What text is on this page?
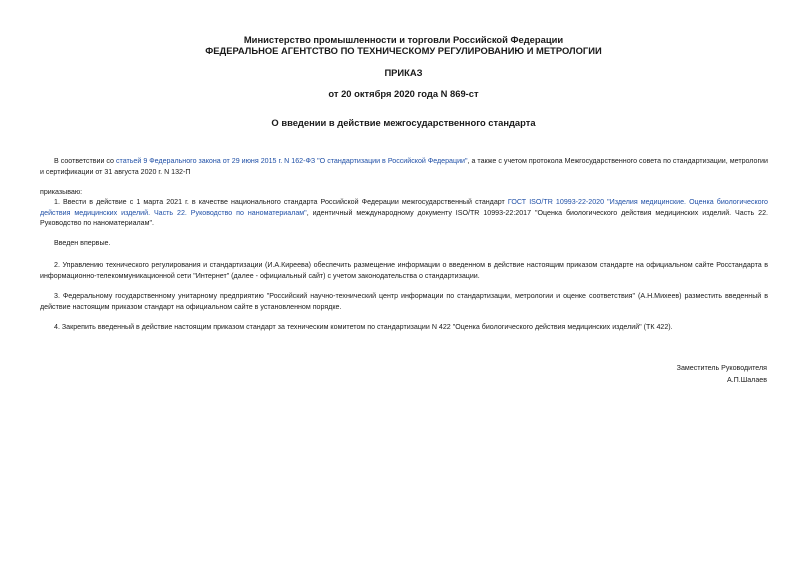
Министерство промышленности и торговли Российской Федерации
ФЕДЕРАЛЬНОЕ АГЕНТСТВО ПО ТЕХНИЧЕСКОМУ РЕГУЛИРОВАНИЮ И МЕТРОЛОГИИ
ПРИКАЗ
от 20 октября 2020 года N 869-ст
О введении в действие межгосударственного стандарта
В соответствии со статьей 9 Федерального закона от 29 июня 2015 г. N 162-ФЗ "О стандартизации в Российской Федерации", а также с учетом протокола Межгосударственного совета по стандартизации, метрологии и сертификации от 31 августа 2020 г. N 132-П
приказываю:
1. Ввести в действие с 1 марта 2021 г. в качестве национального стандарта Российской Федерации межгосударственный стандарт ГОСТ ISO/TR 10993-22-2020 "Изделия медицинские. Оценка биологического действия медицинских изделий. Часть 22. Руководство по наноматериалам", идентичный международному документу ISO/TR 10993-22:2017 "Оценка биологического действия медицинских изделий. Часть 22. Руководство по наноматериалам".
Введен впервые.
2. Управлению технического регулирования и стандартизации (И.А.Киреева) обеспечить размещение информации о введенном в действие настоящим приказом стандарте на официальном сайте Росстандарта в информационно-телекоммуникационной сети "Интернет" (далее - официальный сайт) с учетом законодательства о стандартизации.
3. Федеральному государственному унитарному предприятию "Российский научно-технический центр информации по стандартизации, метрологии и оценке соответствия" (А.Н.Михеев) разместить введенный в действие настоящим приказом стандарт на официальном сайте в установленном порядке.
4. Закрепить введенный в действие настоящим приказом стандарт за техническим комитетом по стандартизации N 422 "Оценка биологического действия медицинских изделий" (ТК 422).
Заместитель Руководителя
А.П.Шалаев
